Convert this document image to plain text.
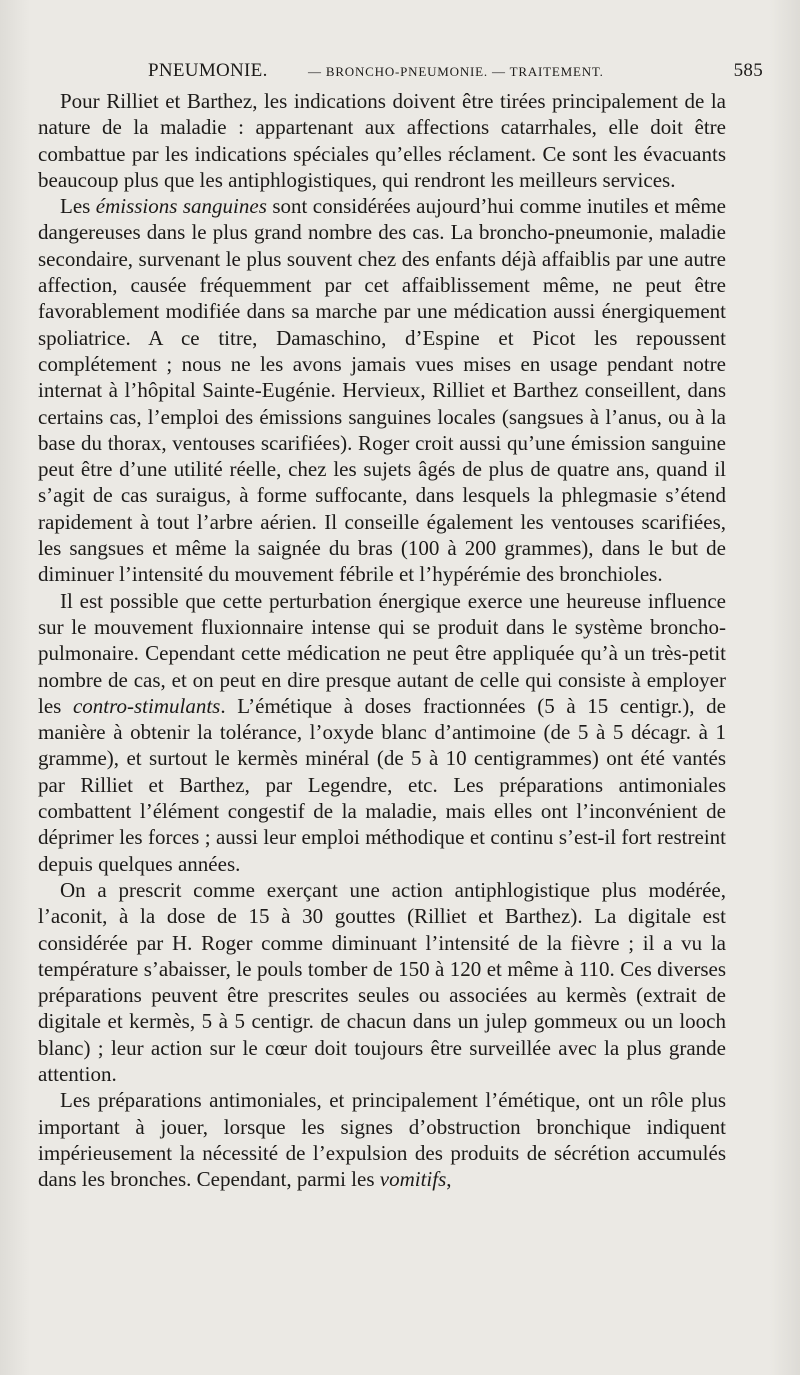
PNEUMONIE.	— BRONCHO-PNEUMONIE. — TRAITEMENT.	585

Pour Rilliet et Barthez, les indications doivent être tirées principalement de la nature de la maladie : appartenant aux affections catarrhales, elle doit être combattue par les indications spéciales qu’elles réclament. Ce sont les évacuants beaucoup plus que les antiphlogistiques, qui rendront les meilleurs services.

Les émissions sanguines sont considérées aujourd’hui comme inutiles et même dangereuses dans le plus grand nombre des cas. La broncho-pneumonie, maladie secondaire, survenant le plus souvent chez des enfants déjà affaiblis par une autre affection, causée fréquemment par cet affaiblissement même, ne peut être favorablement modifiée dans sa marche par une médication aussi énergiquement spoliatrice. A ce titre, Damaschino, d’Espine et Picot les repoussent complétement ; nous ne les avons jamais vues mises en usage pendant notre internat à l’hôpital Sainte-Eugénie. Hervieux, Rilliet et Barthez conseillent, dans certains cas, l’emploi des émissions sanguines locales (sangsues à l’anus, ou à la base du thorax, ventouses scarifiées). Roger croit aussi qu’une émission sanguine peut être d’une utilité réelle, chez les sujets âgés de plus de quatre ans, quand il s’agit de cas suraigus, à forme suffocante, dans lesquels la phlegmasie s’étend rapidement à tout l’arbre aérien. Il conseille également les ventouses scarifiées, les sangsues et même la saignée du bras (100 à 200 grammes), dans le but de diminuer l’intensité du mouvement fébrile et l’hypérémie des bronchioles.

Il est possible que cette perturbation énergique exerce une heureuse influence sur le mouvement fluxionnaire intense qui se produit dans le système broncho-pulmonaire. Cependant cette médication ne peut être appliquée qu’à un très-petit nombre de cas, et on peut en dire presque autant de celle qui consiste à employer les contro-stimulants. L’émétique à doses fractionnées (5 à 15 centigr.), de manière à obtenir la tolérance, l’oxyde blanc d’antimoine (de 5 à 5 décagr. à 1 gramme), et surtout le kermès minéral (de 5 à 10 centigrammes) ont été vantés par Rilliet et Barthez, par Legendre, etc. Les préparations antimoniales combattent l’élément congestif de la maladie, mais elles ont l’inconvénient de déprimer les forces ; aussi leur emploi méthodique et continu s’est-il fort restreint depuis quelques années.

On a prescrit comme exerçant une action antiphlogistique plus modérée, l’aconit, à la dose de 15 à 30 gouttes (Rilliet et Barthez). La digitale est considérée par H. Roger comme diminuant l’intensité de la fièvre ; il a vu la température s’abaisser, le pouls tomber de 150 à 120 et même à 110. Ces diverses préparations peuvent être prescrites seules ou associées au kermès (extrait de digitale et kermès, 5 à 5 centigr. de chacun dans un julep gommeux ou un looch blanc) ; leur action sur le cœur doit toujours être surveillée avec la plus grande attention.

Les préparations antimoniales, et principalement l’émétique, ont un rôle plus important à jouer, lorsque les signes d’obstruction bronchique indiquent impérieusement la nécessité de l’expulsion des produits de sécrétion accumulés dans les bronches. Cependant, parmi les vomitifs,
